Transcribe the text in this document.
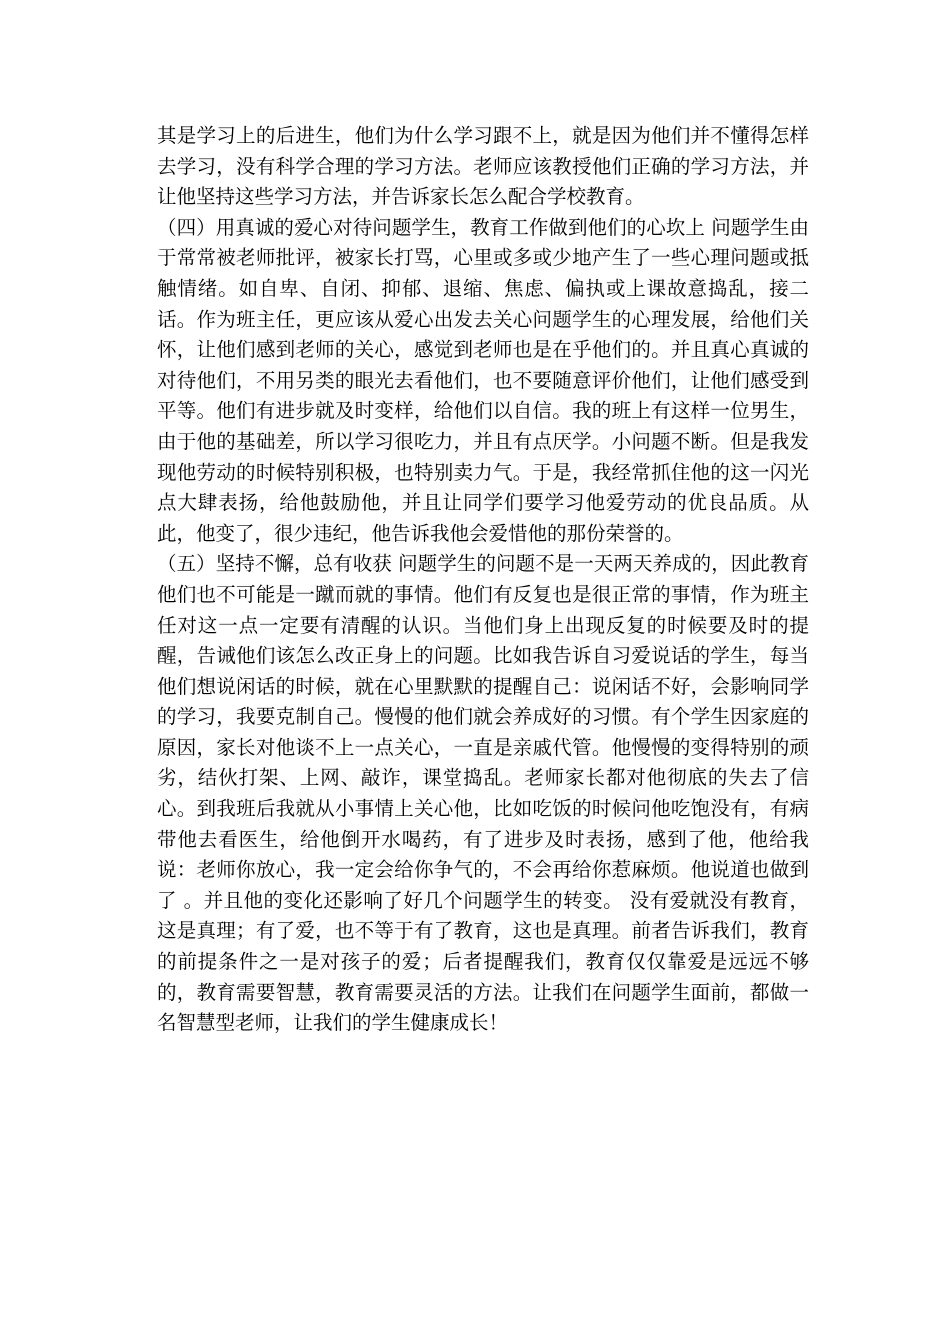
其是学习上的后进生，他们为什么学习跟不上，就是因为他们并不懂得怎样去学习，没有科学合理的学习方法。老师应该教授他们正确的学习方法，并让他坚持这些学习方法，并告诉家长怎么配合学校教育。

（四）用真诚的爱心对待问题学生，教育工作做到他们的心坎上 问题学生由于常常被老师批评，被家长打骂，心里或多或少地产生了一些心理问题或抵触情绪。如自卑、自闭、抑郁、退缩、焦虑、偏执或上课故意捣乱，接二话。作为班主任，更应该从爱心出发去关心问题学生的心理发展，给他们关怀，让他们感到老师的关心，感觉到老师也是在乎他们的。并且真心真诚的对待他们，不用另类的眼光去看他们，也不要随意评价他们，让他们感受到平等。他们有进步就及时变样，给他们以自信。我的班上有这样一位男生，由于他的基础差，所以学习很吃力，并且有点厌学。小问题不断。但是我发现他劳动的时候特别积极，也特别卖力气。于是，我经常抓住他的这一闪光点大肆表扬，给他鼓励他，并且让同学们要学习他爱劳动的优良品质。从此，他变了，很少违纪，他告诉我他会爱惜他的那份荣誉的。

（五）坚持不懈，总有收获 问题学生的问题不是一天两天养成的，因此教育他们也不可能是一蹴而就的事情。他们有反复也是很正常的事情，作为班主任对这一点一定要有清醒的认识。当他们身上出现反复的时候要及时的提醒，告诫他们该怎么改正身上的问题。比如我告诉自习爱说话的学生，每当他们想说闲话的时候，就在心里默默的提醒自己：说闲话不好，会影响同学的学习，我要克制自己。慢慢的他们就会养成好的习惯。有个学生因家庭的原因，家长对他谈不上一点关心，一直是亲戚代管。他慢慢的变得特别的顽劣，结伙打架、上网、敲诈，课堂捣乱。老师家长都对他彻底的失去了信心。到我班后我就从小事情上关心他，比如吃饭的时候问他吃饱没有，有病带他去看医生，给他倒开水喝药，有了进步及时表扬，感到了他，他给我说：老师你放心，我一定会给你争气的，不会再给你惹麻烦。他说道也做到了 。并且他的变化还影响了好几个问题学生的转变。 没有爱就没有教育，这是真理；有了爱，也不等于有了教育，这也是真理。前者告诉我们，教育的前提条件之一是对孩子的爱；后者提醒我们，教育仅仅靠爱是远远不够的，教育需要智慧，教育需要灵活的方法。让我们在问题学生面前，都做一名智慧型老师，让我们的学生健康成长！
